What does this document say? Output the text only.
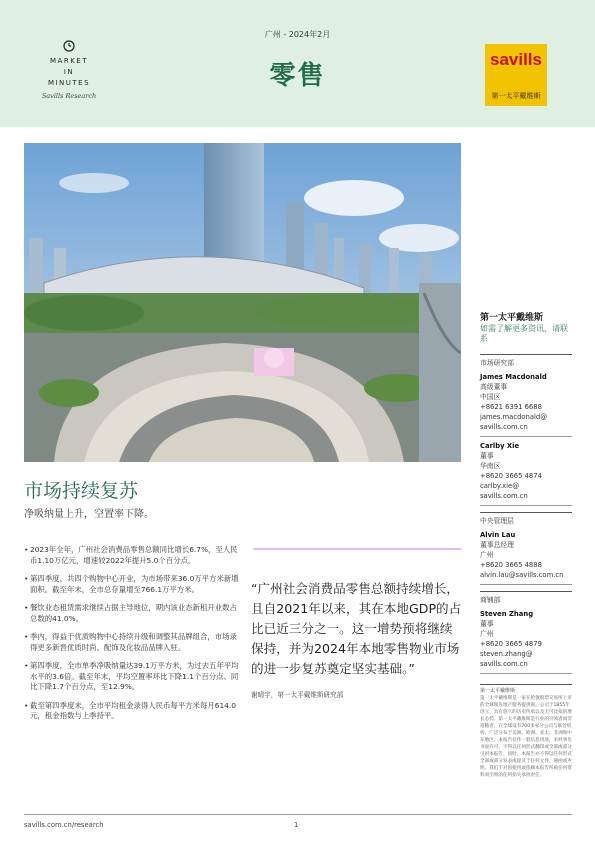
MARKET
IN
MINUTES
Savills Research
广州 - 2024年2月
零售
savills
第一太平戴维斯
第一太平戴维斯
如需了解更多资讯，请联系
市场研究部
James Macdonald
高级董事
中国区
+8621 6391 6688
james.macdonald@
savills.com.cn
Carlby Xie
董事
华南区
+8620 3665 4874
carlby.xie@
savills.com.cn
中央管理层
Alvin Lau
董事总经理
广州
+8620 3665 4888
alvin.lau@savills.com.cn
商铺部
Steven Zhang
董事
广州
+8620 3665 4879
steven.zhang@
savills.com.cn
第一太平戴维斯
第一太平戴维斯是一家在伦敦股票交易所上市的全球领先地产服务提供商。公司于1855年创立，具有悠久的历史传承以及无可比拟的增长态势。第一太平戴维斯是行业的引领者而非追随者，在全球设有700多家分公司与联营机构，广泛分布于美洲、欧洲、亚太、非洲和中东地区。本报告仅作一般信息用途，未经事先书面许可，不得以任何形式翻印或全部或部分引用本报告。同时，本报告亦不得以任何形式全部或部分发表或提及于任何文件、通函或声明。我们不对因使用或依赖本报告所载任何资料而引致的任何损失承担责任。
市场持续复苏
净吸纳量上升，空置率下降。
• 2023年全年，广州社会消费品零售总额同比增长6.7%，至人民币1.10万亿元，增速较2022年提升5.0个百分点。
• 第四季度，共四个购物中心开业，为市场带来36.0万平方米新增面积。截至年末，全市总存量增至766.1万平方米。
• 餐饮业态租赁需求继续占据主导地位，期内该业态新租开业数占总数的41.0%。
• 季内，得益于优质购物中心持续升级和调整其品牌组合，市场录得更多新晋优质时尚、配饰及化妆品品牌入驻。
• 第四季度，全市单季净吸纳量达39.1万平方米，为过去五年平均水平的3.6倍。截至年末，平均空置率环比下降1.1个百分点、同比下降1.7个百分点，至12.9%。
• 截至第四季度末，全市平均租金录得人民币每平方米每月614.0元，租金指数与上季持平。
“广州社会消费品零售总额持续增长，且自2021年以来，其在本地GDP的占比已近三分之一。这一增势预将继续保持，并为2024年本地零售物业市场的进一步复苏奠定坚实基础。”
谢晴宇，第一太平戴维斯研究部
savills.com.cn/research	1
